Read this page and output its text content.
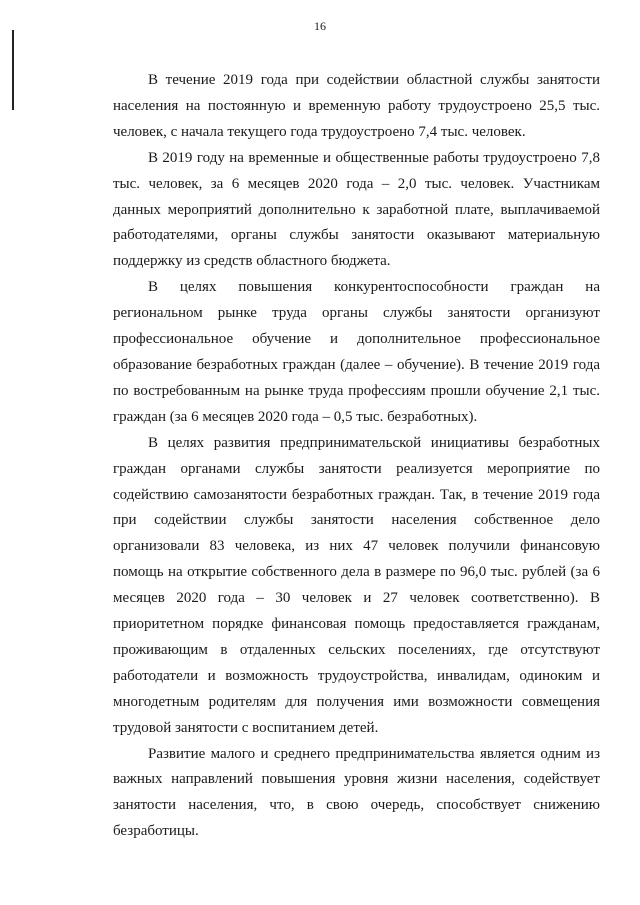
16

В течение 2019 года при содействии областной службы занятости населения на постоянную и временную работу трудоустроено 25,5 тыс. человек, с начала текущего года трудоустроено 7,4 тыс. человек.

В 2019 году на временные и общественные работы трудоустроено 7,8 тыс. человек, за 6 месяцев 2020 года – 2,0 тыс. человек. Участникам данных мероприятий дополнительно к заработной плате, выплачиваемой работодателями, органы службы занятости оказывают материальную поддержку из средств областного бюджета.

В целях повышения конкурентоспособности граждан на региональном рынке труда органы службы занятости организуют профессиональное обучение и дополнительное профессиональное образование безработных граждан (далее – обучение). В течение 2019 года по востребованным на рынке труда профессиям прошли обучение 2,1 тыс. граждан (за 6 месяцев 2020 года – 0,5 тыс. безработных).

В целях развития предпринимательской инициативы безработных граждан органами службы занятости реализуется мероприятие по содействию самозанятости безработных граждан. Так, в течение 2019 года при содействии службы занятости населения собственное дело организовали 83 человека, из них 47 человек получили финансовую помощь на открытие собственного дела в размере по 96,0 тыс. рублей (за 6 месяцев 2020 года – 30 человек и 27 человек соответственно). В приоритетном порядке финансовая помощь предоставляется гражданам, проживающим в отдаленных сельских поселениях, где отсутствуют работодатели и возможность трудоустройства, инвалидам, одиноким и многодетным родителям для получения ими возможности совмещения трудовой занятости с воспитанием детей.

Развитие малого и среднего предпринимательства является одним из важных направлений повышения уровня жизни населения, содействует занятости населения, что, в свою очередь, способствует снижению безработицы.
